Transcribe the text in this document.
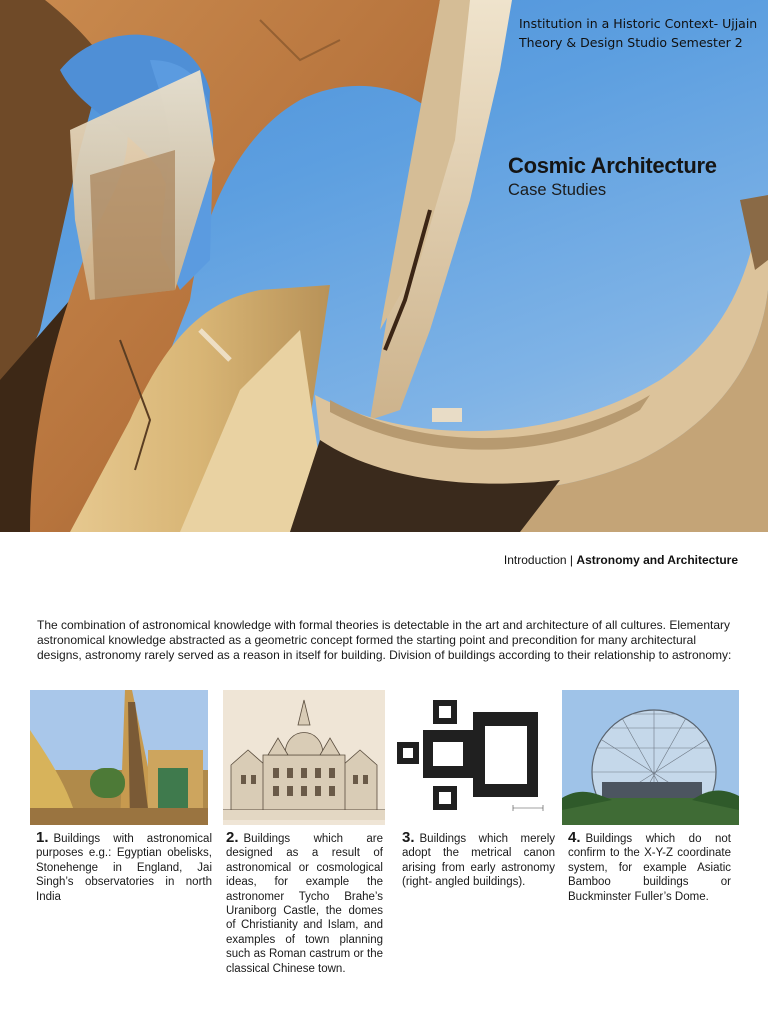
Institution in a Historic Context- Ujjain
Theory & Design Studio Semester 2
Cosmic Architecture
Case Studies
Introduction | Astronomy and Architecture

The combination of astronomical knowledge with formal theories is detectable in the art and architecture of all cultures. Elementary astronomical knowledge abstracted as a geometric concept formed the starting point and precondition for many architectural designs, astronomy rarely served as a reason in itself for building. Division of buildings according to their relationship to astronomy:

1. Buildings with astronomical purposes e.g.: Egyptian obelisks, Stonehenge in England, Jai Singh’s observatories in north India
2. Buildings which are designed as a result of astronomical or cosmological ideas, for example the astronomer Tycho Brahe’s Uraniborg Castle, the domes of Christianity and Islam, and examples of town planning such as Roman castrum or the classical Chinese town.
3. Buildings which merely adopt the metrical canon arising from early astronomy (right- angled buildings).
4. Buildings which do not confirm to the X-Y-Z coordinate system, for example Asiatic Bamboo buildings or Buckminster Fuller’s Dome.
